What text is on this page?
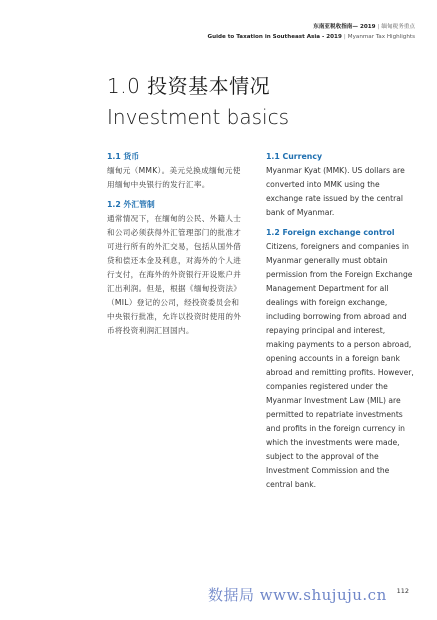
东南亚税收指南— 2019 | 缅甸税务重点
Guide to Taxation in Southeast Asia - 2019 | Myanmar Tax Highlights
1.0 投资基本情况
Investment basics
1.1 货币

缅甸元（MMK）。美元兑换成缅甸元使用缅甸中央银行的发行汇率。

1.2 外汇管制

通常情况下，在缅甸的公民、外籍人士和公司必须获得外汇管理部门的批准才可进行所有的外汇交易，包括从国外借贷和偿还本金及利息，对海外的个人进行支付，在海外的外资银行开设账户并汇出利润。但是，根据《缅甸投资法》（MIL）登记的公司，经投资委员会和中央银行批准，允许以投资时使用的外币将投资利润汇回国内。

1.1 Currency

Myanmar Kyat (MMK). US dollars are converted into MMK using the exchange rate issued by the central bank of Myanmar.

1.2 Foreign exchange control

Citizens, foreigners and companies in Myanmar generally must obtain permission from the Foreign Exchange Management Department for all dealings with foreign exchange, including borrowing from abroad and repaying principal and interest, making payments to a person abroad, opening accounts in a foreign bank abroad and remitting profits. However, companies registered under the Myanmar Investment Law (MIL) are permitted to repatriate investments and profits in the foreign currency in which the investments were made, subject to the approval of the Investment Commission and the central bank.

数据局 www.shujuju.cn 112
